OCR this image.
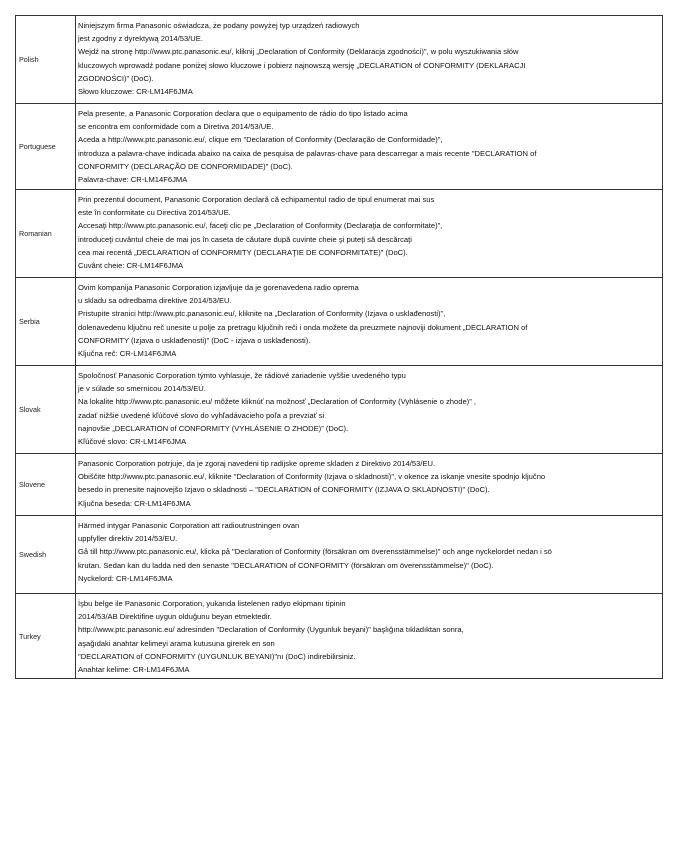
Polish
Niniejszym firma Panasonic oświadcza, że podany powyżej typ urządzeń radiowych
jest zgodny z dyrektywą 2014/53/UE.
Wejdź na stronę http://www.ptc.panasonic.eu/, kliknij „Declaration of Conformity (Deklaracja zgodności)”, w polu wyszukiwania słów
kluczowych wprowadź podane poniżej słowo kluczowe i pobierz najnowszą wersję „DECLARATION of CONFORMITY (DEKLARACJI
ZGODNOŚCI)” (DoC).
Słowo kluczowe: CR-LM14F6JMA
Portuguese
Pela presente, a Panasonic Corporation declara que o equipamento de rádio do tipo listado acima
se encontra em conformidade com a Diretiva 2014/53/UE.
Aceda a http://www.ptc.panasonic.eu/, clique em "Declaration of Conformity (Declaração de Conformidade)",
introduza a palavra-chave indicada abaixo na caixa de pesquisa de palavras-chave para descarregar a mais recente "DECLARATION of
CONFORMITY (DECLARAÇÃO DE CONFORMIDADE)" (DoC).
Palavra-chave: CR-LM14F6JMA
Romanian
Prin prezentul document, Panasonic Corporation declară că echipamentul radio de tipul enumerat mai sus
este în conformitate cu Directiva 2014/53/UE.
Accesaţi http://www.ptc.panasonic.eu/, faceţi clic pe „Declaration of Conformity (Declaraţia de conformitate)”,
introduceţi cuvântul cheie de mai jos în caseta de căutare după cuvinte cheie şi puteţi să descărcaţi
cea mai recentă „DECLARATION of CONFORMITY (DECLARAŢIE DE CONFORMITATE)” (DoC).
Cuvânt cheie: CR-LM14F6JMA
Serbia
Ovim kompanija Panasonic Corporation izjavljuje da je gorenavedena radio oprema
u skladu sa odredbama direktive 2014/53/EU.
Pristupite stranici http://www.ptc.panasonic.eu/, kliknite na „Declaration of Conformity (Izjava o usklađenosti)”,
dolenavedenu ključnu reč unesite u polje za pretragu ključnih reči i onda možete da preuzmete najnoviji dokument „DECLARATION of
CONFORMITY (Izjava o usklađenosti)” (DoC - izjava o usklađenosti).
Ključna reč: CR-LM14F6JMA
Slovak
Spoločnosť Panasonic Corporation týmto vyhlasuje, že rádiové zariadenie vyššie uvedeného typu
je v súlade so smernicou 2014/53/EÚ.
Na lokalite http://www.ptc.panasonic.eu/ môžete kliknúť na možnosť „Declaration of Conformity (Vyhlásenie o zhode)” ,
zadať nižšie uvedené kľúčové slovo do vyhľadávacieho poľa a prevziať si
najnovšie „DECLARATION of CONFORMITY (VYHLÁSENIE O ZHODE)” (DoC).
Kľúčové slovo: CR-LM14F6JMA
Slovene
Panasonic Corporation potrjuje, da je zgoraj navedeni tip radijske opreme skladen z Direktivo 2014/53/EU.
Obiščite http://www.ptc.panasonic.eu/, kliknite "Declaration of Conformity (Izjava o skladnosti)", v okence za iskanje vnesite spodnjo ključno
besedo in prenesite najnovejšo Izjavo o skladnosti – "DECLARATION of CONFORMITY (IZJAVA O SKLADNOSTI)" (DoC).
Ključna beseda: CR-LM14F6JMA
Swedish
Härmed intygar Panasonic Corporation att radioutrustningen ovan
uppfyller direktiv 2014/53/EU.
Gå till http://www.ptc.panasonic.eu/, klicka på "Declaration of Conformity (försäkran om överensstämmelse)" och ange nyckelordet nedan i sö
krutan. Sedan kan du ladda ned den senaste "DECLARATION of CONFORMITY (försäkran om överensstämmelse)" (DoC).
Nyckelord: CR-LM14F6JMA
Turkey
İşbu belge ile Panasonic Corporation, yukarıda listelenen radyo ekipmanı tipinin
2014/53/AB Direktifine uygun olduğunu beyan etmektedir.
http://www.ptc.panasonic.eu/ adresinden "Declaration of Conformity (Uygunluk beyani)" başlığına tıkladıktan sonra,
aşağıdaki anahtar kelimeyi arama kutusuna girerek en son
"DECLARATION of CONFORMITY (UYGUNLUK BEYANI)"nı (DoC) indirebilirsiniz.
Anahtar kelime: CR-LM14F6JMA
